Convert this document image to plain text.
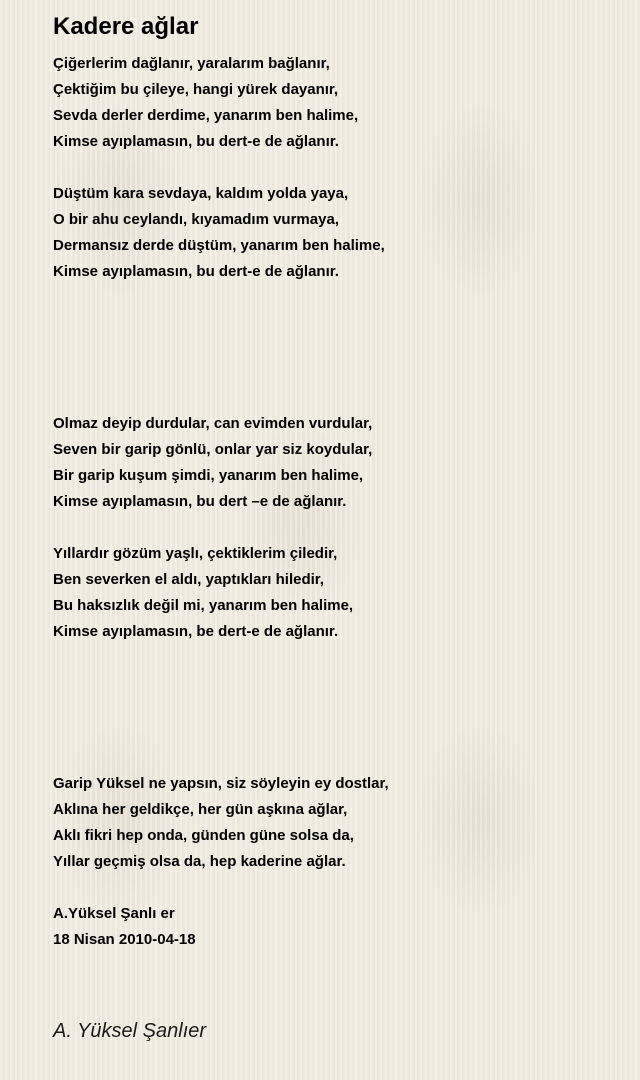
Kadere ağlar
Çiğerlerim dağlanır, yaralarım bağlanır,
Çektiğim bu çileye, hangi yürek dayanır,
Sevda derler derdime, yanarım ben halime,
Kimse ayıplamasın, bu dert-e de ağlanır.
Düştüm kara sevdaya, kaldım yolda yaya,
O bir ahu ceylandı, kıyamadım vurmaya,
Dermansız derde düştüm, yanarım ben halime,
Kimse ayıplamasın, bu dert-e de ağlanır.
Olmaz deyip durdular, can evimden vurdular,
Seven bir garip gönlü, onlar yar siz koydular,
Bir garip kuşum şimdi, yanarım ben halime,
Kimse ayıplamasın, bu dert –e de ağlanır.
Yıllardır gözüm yaşlı, çektiklerim çiledir,
Ben severken el aldı, yaptıkları hiledir,
Bu haksızlık değil mi, yanarım ben halime,
Kimse ayıplamasın, be dert-e de ağlanır.
Garip Yüksel ne yapsın, siz söyleyin ey dostlar,
Aklına her geldikçe, her gün aşkına ağlar,
Aklı fikri hep onda, günden güne solsa da,
Yıllar geçmiş olsa da, hep kaderine ağlar.
A.Yüksel Şanlı er
18 Nisan 2010-04-18
A. Yüksel Şanlıer
